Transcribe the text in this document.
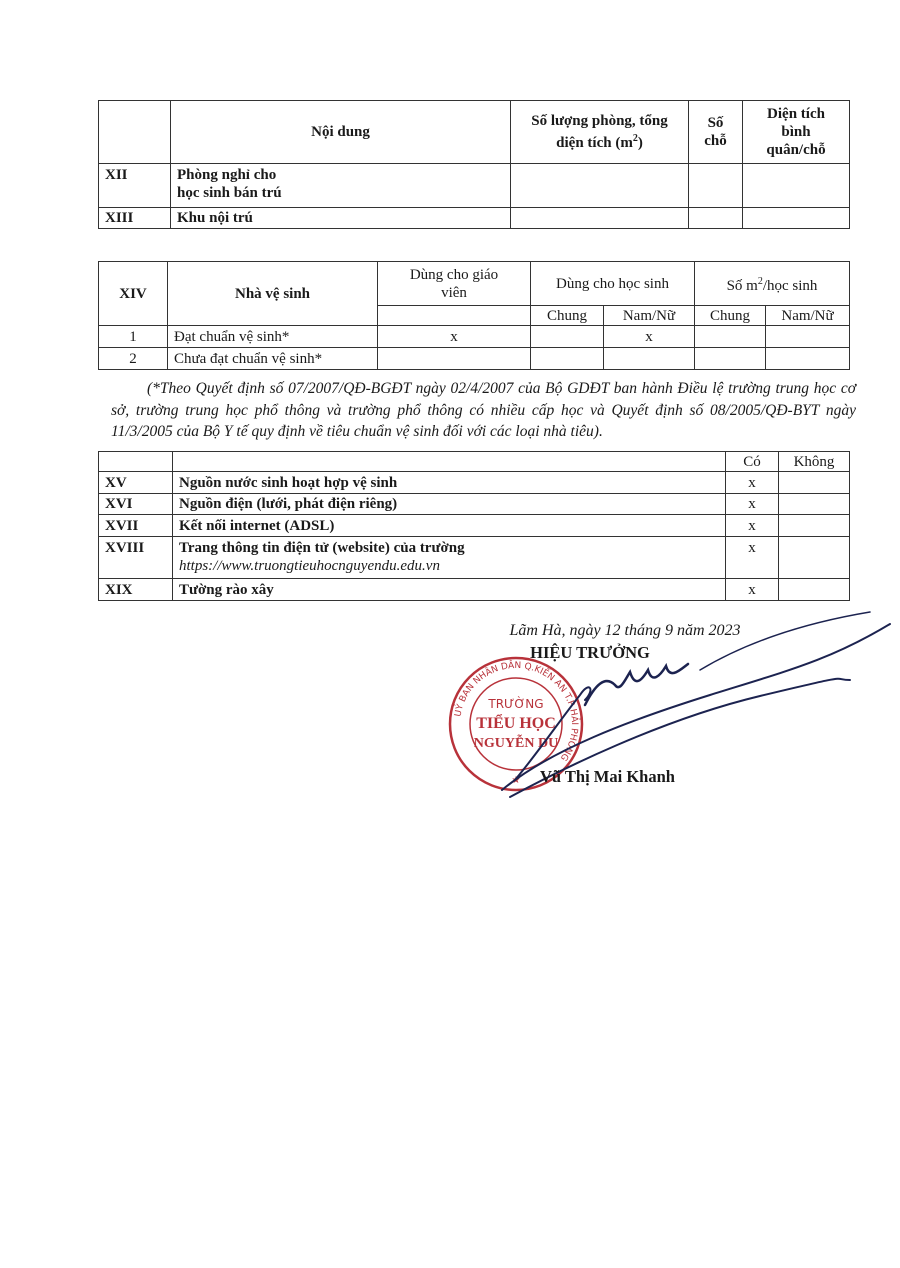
	Nội dung	Số lượng phòng, tổng diện tích $(m^2)$	Số chỗ	Diện tích bình quân/chỗ
XII	Phòng nghỉ cho
học sinh bán trú			

XIII	Khu nội trú			
XIV	Nhà vệ sinh	Dùng cho giáo viên	Dùng cho học sinh		Số $m^2$/học sinh	
			Chung	Nam/Nữ	Chung	Nam/Nữ
1	Đạt chuẩn vệ sinh*	x		x		
2	Chưa đạt chuẩn vệ sinh*					
(*Theo Quyết định số 07/2007/QĐ-BGĐT ngày 02/4/2007 của Bộ GDĐT ban hành Điều lệ trường trung học cơ sở, trường trung học phổ thông và trường phổ thông có nhiều cấp học và Quyết định số 08/2005/QĐ-BYT ngày 11/3/2005 của Bộ Y tế quy định về tiêu chuẩn vệ sinh đối với các loại nhà tiêu).
		Có	Không
XV	Nguồn nước sinh hoạt hợp vệ sinh	x	
XVI	Nguồn điện (lưới, phát điện riêng)	x	
XVII	Kết nối internet (ADSL)	x	
XVIII	Trang thông tin điện tử (website) của trường
https://www.truongtieuhocnguyendu.edu.vn	x	
XIX	Tường rào xây	x	
Lãm Hà, ngày 12 tháng 9 năm 2023
HIỆU TRƯỞNG
UỶ BAN NHÂN DÂN Q.KIẾN AN T.P HẢI PHÒNG
TRƯỜNG
TIỂU HỌC
NGUYỄN DU
★ Vũ Thị Mai Khanh
